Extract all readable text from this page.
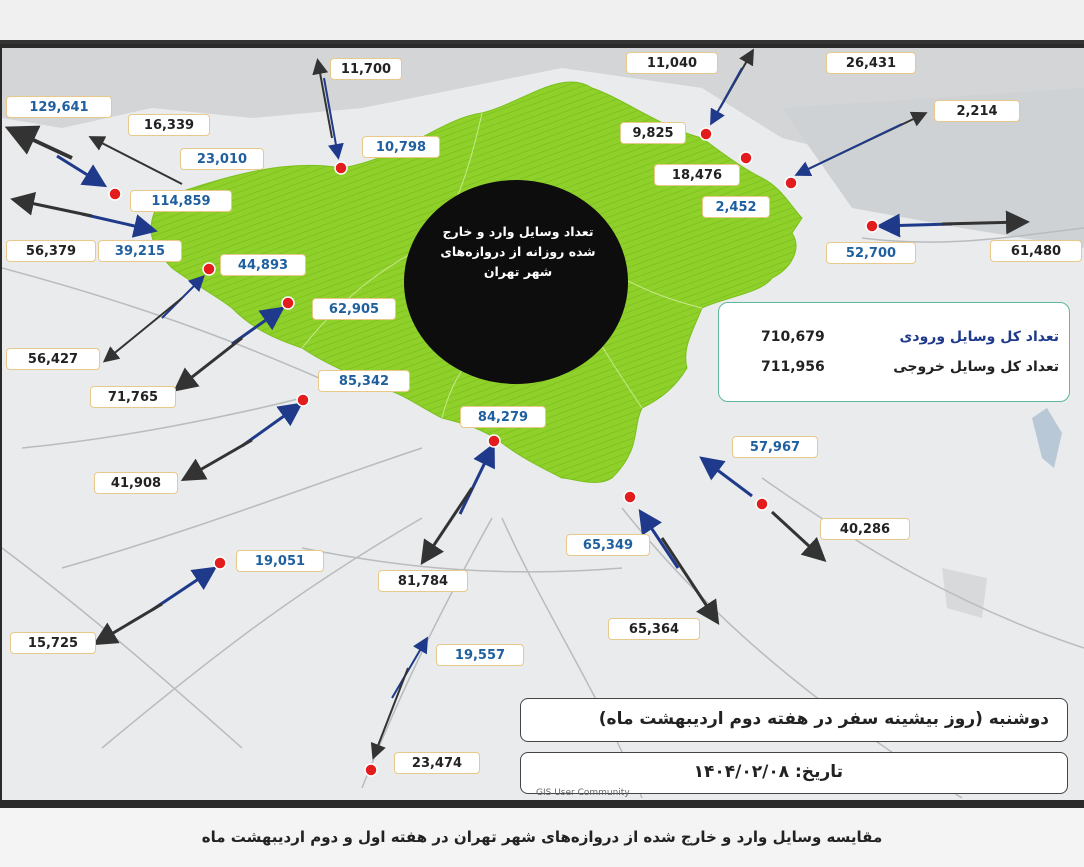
11,700	11,040	26,431
129,641
16,339
23,010
10,798
9,825
2,214
18,476
114,859	2,452
56,379	39,215	52,700	61,480
44,893
62,905
56,427
71,765
85,342
84,279
57,967
41,908
40,286
65,349
19,051
81,784
65,364
15,725
19,557
23,474
تعداد وسایل وارد و خارج
شده روزانه از دروازه‌های
شهر تهران
تعداد کل وسایل ورودی
710,679
تعداد کل وسایل خروجی
711,956
دوشنبه (روز بیشینه سفر در هفته دوم اردیبهشت ماه)
تاریخ: ۱۴۰۴/۰۲/۰۸
GIS User Community
مقایسه وسایل وارد و خارج شده از دروازه‌های شهر تهران در هفته اول و دوم اردیبهشت ماه
